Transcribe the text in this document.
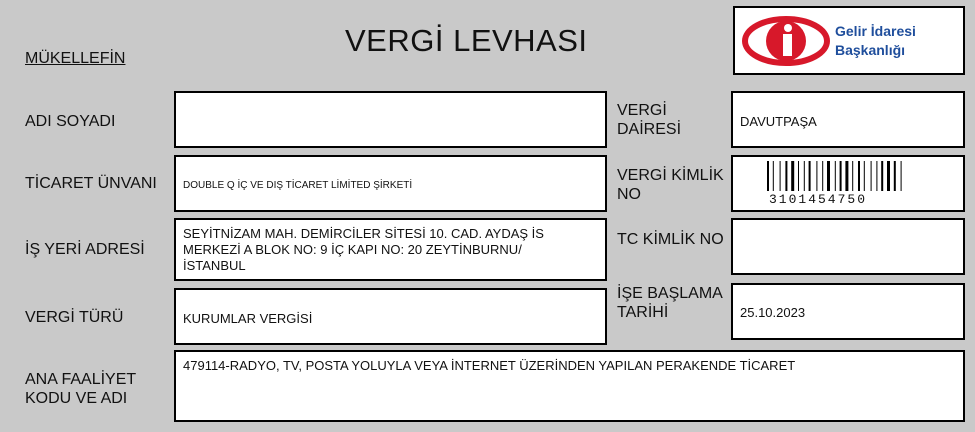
MÜKELLEFİN
VERGİ LEVHASI	Gelir İdaresi
Başkanlığı
ADI SOYADI
TİCARET ÜNVANI
İŞ YERİ ADRESİ
VERGİ TÜRÜ
ANA FAALİYET
KODU VE ADI
DOUBLE Q İÇ VE DIŞ TİCARET LİMİTED ŞİRKETİ
SEYİTNİZAM MAH. DEMİRCİLER SİTESİ 10. CAD. AYDAŞ İS
MERKEZİ A BLOK NO: 9 İÇ KAPI NO: 20 ZEYTİNBURNU/
İSTANBUL
KURUMLAR VERGİSİ
479114-RADYO, TV, POSTA YOLUYLA VEYA İNTERNET ÜZERİNDEN YAPILAN PERAKENDE TİCARET
VERGİ
DAİRESİ
VERGİ KİMLİK
NO
TC KİMLİK NO
İŞE BAŞLAMA
TARİHİ
DAVUTPAŞA
3101454750
25.10.2023
